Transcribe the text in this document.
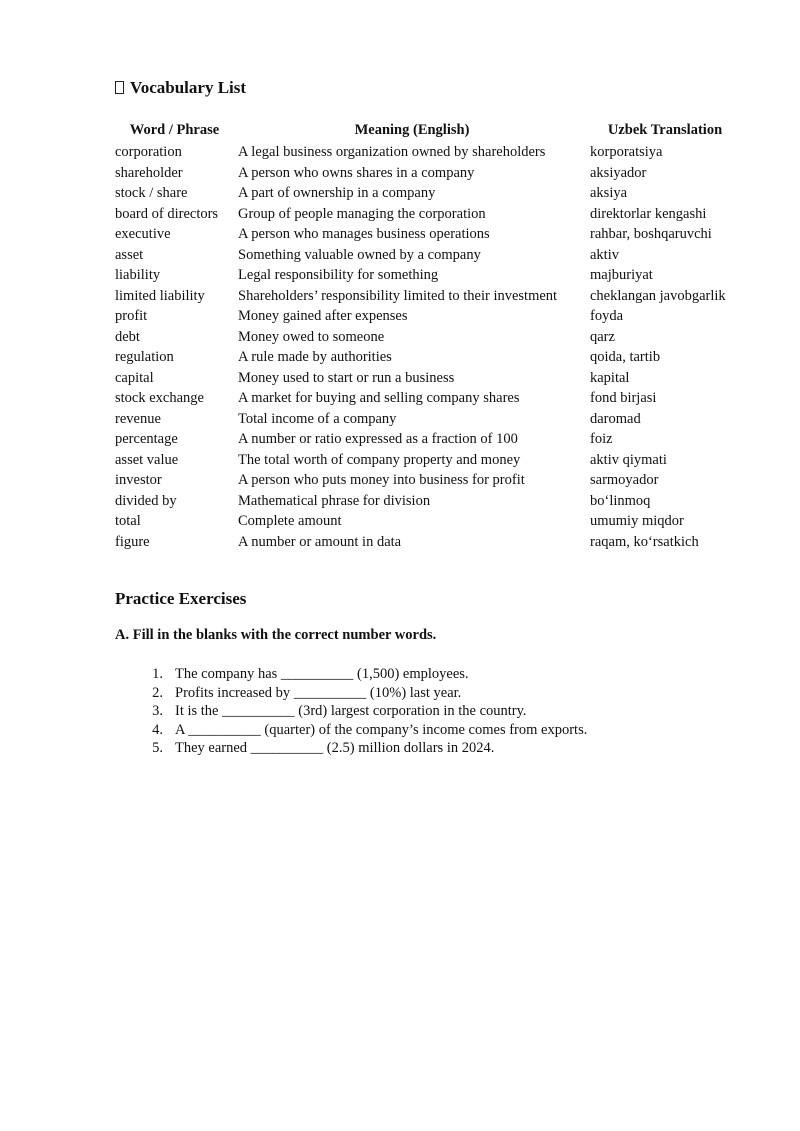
Vocabulary List
Word / Phrase	Meaning (English)	Uzbek Translation
corporation	A legal business organization owned by shareholders	korporatsiya
shareholder	A person who owns shares in a company	aksiyador
stock / share	A part of ownership in a company	aksiya
board of directors	Group of people managing the corporation	direktorlar kengashi
executive	A person who manages business operations	rahbar, boshqaruvchi
asset	Something valuable owned by a company	aktiv
liability	Legal responsibility for something	majburiyat
limited liability	Shareholders’ responsibility limited to their investment	cheklangan javobgarlik
profit	Money gained after expenses	foyda
debt	Money owed to someone	qarz
regulation	A rule made by authorities	qoida, tartib
capital	Money used to start or run a business	kapital
stock exchange	A market for buying and selling company shares	fond birjasi
revenue	Total income of a company	daromad
percentage	A number or ratio expressed as a fraction of 100	foiz
asset value	The total worth of company property and money	aktiv qiymati
investor	A person who puts money into business for profit	sarmoyador
divided by	Mathematical phrase for division	bo‘linmoq
total	Complete amount	umumiy miqdor
figure	A number or amount in data	raqam, ko‘rsatkich
Practice Exercises
A. Fill in the blanks with the correct number words.
1. The company has __________ (1,500) employees.
2. Profits increased by __________ (10%) last year.
3. It is the __________ (3rd) largest corporation in the country.
4. A __________ (quarter) of the company’s income comes from exports.
5. They earned __________ (2.5) million dollars in 2024.
